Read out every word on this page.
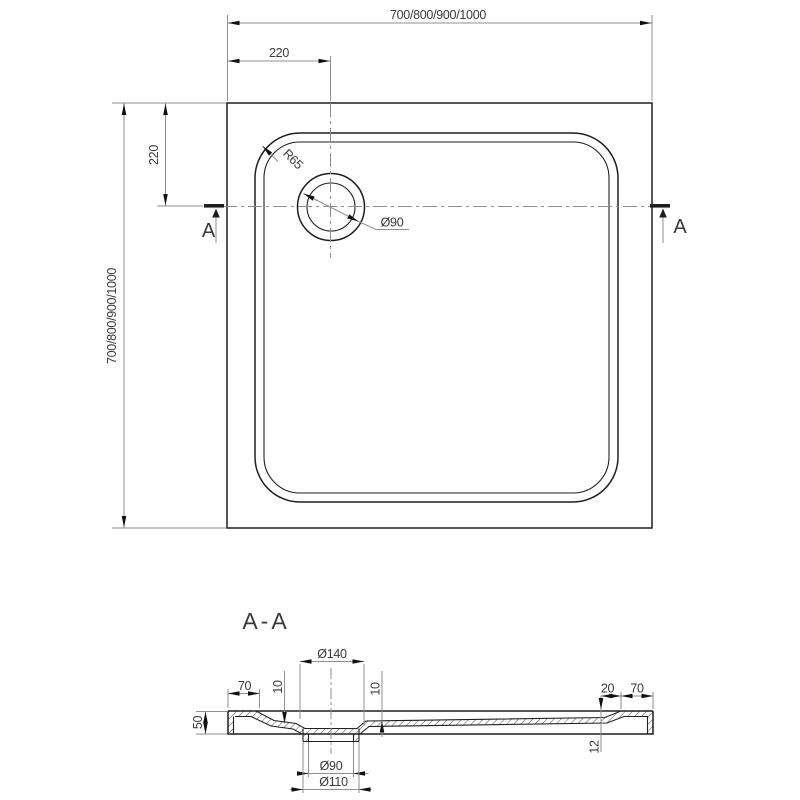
700/800/900/1000
220
700/800/900/1000
220	R65
Ø90
A	A
A-A
Ø140
70 10	10	20 70
12
50
Ø90
Ø110
